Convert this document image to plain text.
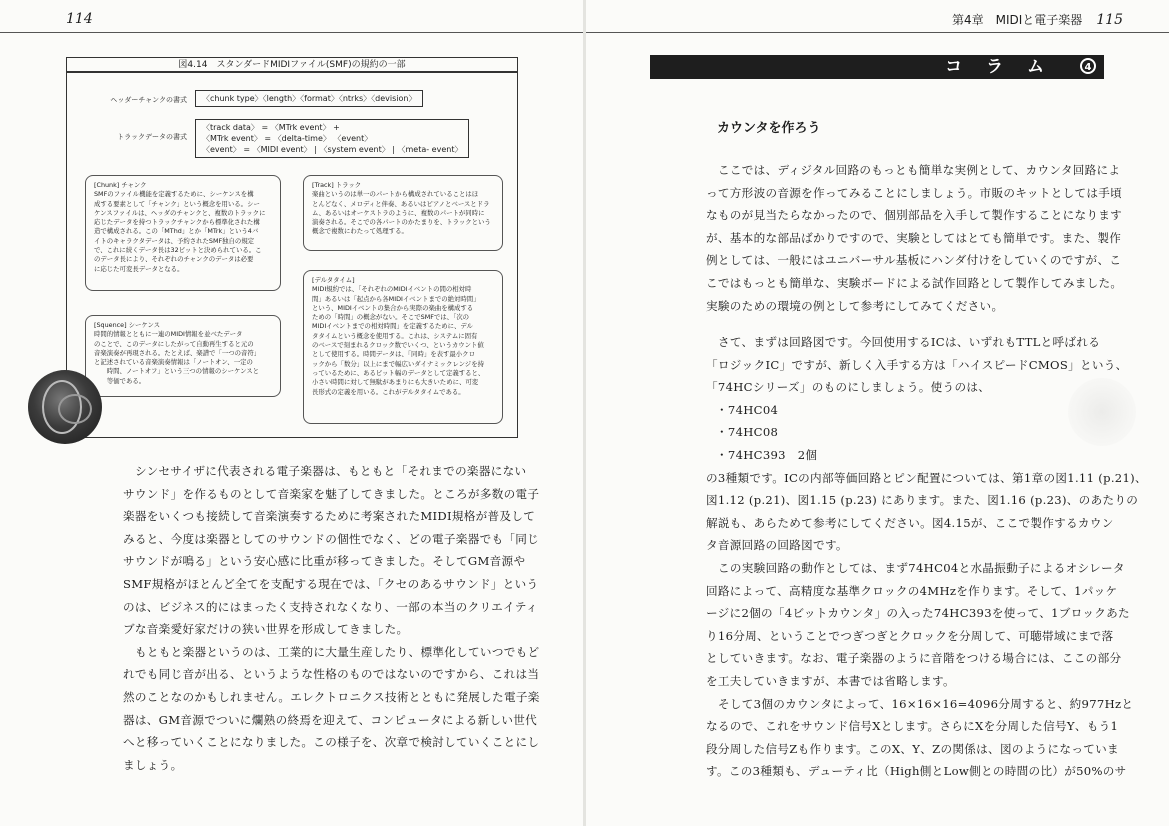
114
図4.14　スタンダードMIDIファイル(SMF)の規約の一部
ヘッダーチャンクの書式	〈chunk type〉〈length〉〈format〉〈ntrks〉〈devision〉
トラックデータの書式
〈track data〉 = 〈MTrk event〉 +
〈MTrk event〉 = 〈delta-time〉 〈event〉
〈event〉 = 〈MIDI event〉 | 〈system event〉 | 〈meta- event〉
[Chunk] チャンク
SMFのファイル機能を定義するために、シーケンスを構
成する要素として「チャンク」という概念を用いる。シー
ケンスファイルは、ヘッダのチャンクと、複数のトラックに
応じたデータを持つトラックチャンクから標準化された構
造で構成される。この「MThd」とか「MTrk」という4バ
イトのキャラクタデータは、予約されたSMF独自の規定
で、これに続くデータ長は32ビットと決められている。こ
のデータ長により、それぞれのチャンクのデータは必要
に応じた可変長データとなる。
[Track] トラック
楽曲というのは単一のパートから構成されていることはほ
とんどなく、メロディと伴奏、あるいはピアノとベースとドラ
ム、あるいはオーケストラのように、複数のパートが同時に
演奏される。そこでの各パートのかたまりを、トラックという
概念で複数にわたって処理する。
[デルタタイム]
MIDI規約では、「それぞれのMIDIイベントの間の相対時
間」あるいは「起点から各MIDIイベントまでの絶対時間」
という、MIDIイベントの集合から実際の楽曲を構成する
ための「時間」の概念がない。そこでSMFでは、「次の
MIDIイベントまでの相対時間」を定義するために、デル
タタイムという概念を使用する。これは、システムに固有
のベースで刻まれるクロック数でいくつ、というカウント値
として使用する。時間データは、「同時」を表す最小クロ
ックから「数分」以上にまで幅広いダイナミックレンジを持
っているために、あるビット幅のデータとして定義すると、
小さい時間に対して無駄があまりにも大きいために、可変
長形式の定義を用いる。これがデルタタイムである。
[Squence] シーケンス
時間的情報とともに一連のMIDI情報を並べたデータ
のことで、このデータにしたがって自動再生すると元の
音楽演奏が再現される。たとえば、楽譜で「一つの音符」
と記述されている音楽演奏情報は「ノートオン、一定の
　　時間、ノートオフ」という三つの情報のシーケンスと
　　等価である。

シンセサイザに代表される電子楽器は、もともと「それまでの楽器にない

サウンド」を作るものとして音楽家を魅了してきました。ところが多数の電子

楽器をいくつも接続して音楽演奏するために考案されたMIDI規格が普及して

みると、今度は楽器としてのサウンドの個性でなく、どの電子楽器でも「同じ

サウンドが鳴る」という安心感に比重が移ってきました。そしてGM音源や

SMF規格がほとんど全てを支配する現在では、「クセのあるサウンド」という

のは、ビジネス的にはまったく支持されなくなり、一部の本当のクリエイティ

ブな音楽愛好家だけの狭い世界を形成してきました。

もともと楽器というのは、工業的に大量生産したり、標準化していつでもど

れでも同じ音が出る、というような性格のものではないのですから、これは当

然のことなのかもしれません。エレクトロニクス技術とともに発展した電子楽

器は、GM音源でついに爛熟の終焉を迎えて、コンピュータによる新しい世代

へと移っていくことになりました。この様子を、次章で検討していくことにし

ましょう。

第4章　MIDIと電子楽器 115
コラム	4
カウンタを作ろう

ここでは、ディジタル回路のもっとも簡単な実例として、カウンタ回路によ

って方形波の音源を作ってみることにしましょう。市販のキットとしては手頃

なものが見当たらなかったので、個別部品を入手して製作することになります

が、基本的な部品ばかりですので、実験としてはとても簡単です。また、製作

例としては、一般にはユニバーサル基板にハンダ付けをしていくのですが、こ

こではもっとも簡単な、実験ボードによる試作回路として製作してみました。

実験のための環境の例として参考にしてみてください。

さて、まずは回路図です。今回使用するICは、いずれもTTLと呼ばれる

「ロジックIC」ですが、新しく入手する方は「ハイスピードCMOS」という、

「74HCシリーズ」のものにしましょう。使うのは、

・74HC04
・74HC08
・74HC393　2個

の3種類です。ICの内部等価回路とピン配置については、第1章の図1.11 (p.21)、

図1.12 (p.21)、図1.15 (p.23) にあります。また、図1.16 (p.23)、のあたりの

解説も、あらためて参考にしてください。図4.15が、ここで製作するカウン

タ音源回路の回路図です。

この実験回路の動作としては、まず74HC04と水晶振動子によるオシレータ

回路によって、高精度な基準クロックの4MHzを作ります。そして、1パッケ

ージに2個の「4ビットカウンタ」の入った74HC393を使って、1ブロックあた

り16分周、ということでつぎつぎとクロックを分周して、可聴帯域にまで落

としていきます。なお、電子楽器のように音階をつける場合には、ここの部分

を工夫していきますが、本書では省略します。

そして3個のカウンタによって、16×16×16=4096分周すると、約977Hzと

なるので、これをサウンド信号Xとします。さらにXを分周した信号Y、もう1

段分周した信号Zも作ります。このX、Y、Zの関係は、図のようになっていま

す。この3種類も、デューティ比（High側とLow側との時間の比）が50%のサ
